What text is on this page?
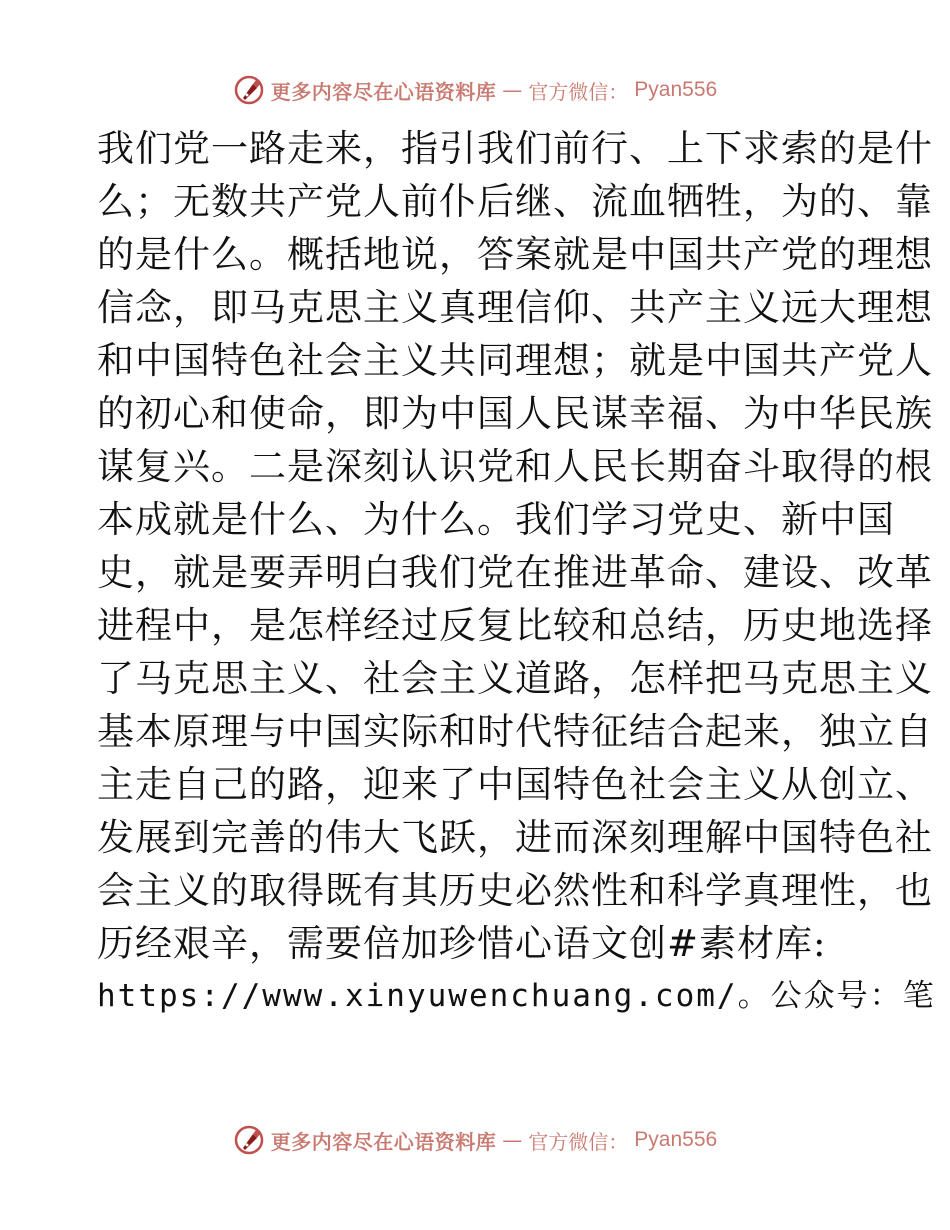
更多内容尽在心语资料库 — 官方微信： Pyan556
我们党一路走来，指引我们前行、上下求索的是什
么；无数共产党人前仆后继、流血牺牲，为的、靠
的是什么。概括地说，答案就是中国共产党的理想
信念，即马克思主义真理信仰、共产主义远大理想
和中国特色社会主义共同理想；就是中国共产党人
的初心和使命，即为中国人民谋幸福、为中华民族
谋复兴。二是深刻认识党和人民长期奋斗取得的根
本成就是什么、为什么。我们学习党史、新中国
史，就是要弄明白我们党在推进革命、建设、改革
进程中，是怎样经过反复比较和总结，历史地选择
了马克思主义、社会主义道路，怎样把马克思主义
基本原理与中国实际和时代特征结合起来，独立自
主走自己的路，迎来了中国特色社会主义从创立、
发展到完善的伟大飞跃，进而深刻理解中国特色社
会主义的取得既有其历史必然性和科学真理性，也
历经艰辛，需要倍加珍惜心语文创#素材库:
https://www.xinyuwenchuang.com/。公众号：笔
更多内容尽在心语资料库 — 官方微信： Pyan556
